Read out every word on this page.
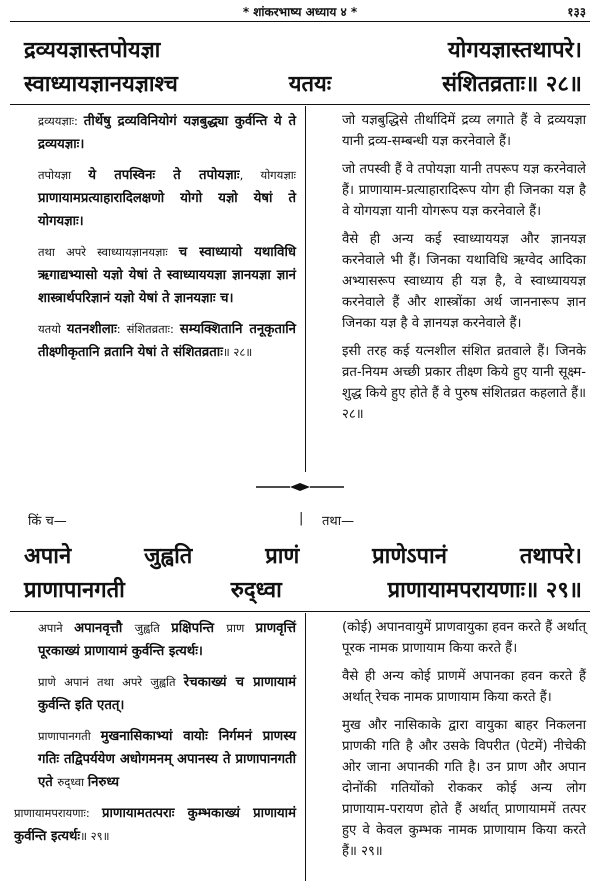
* शांकरभाष्य अध्याय ४ *	१३३
द्रव्ययज्ञास्तपोयज्ञा	योगयज्ञास्तथापरे।
स्वाध्यायज्ञानयज्ञाश्च	यतयः	संशितव्रताः॥ २८॥

द्रव्ययज्ञाः: तीर्थेषु द्रव्यविनियोगं यज्ञबुद्ध्या कुर्वन्ति ये ते द्रव्ययज्ञाः।

तपोयज्ञा ये तपस्विनः ते तपोयज्ञाः, योगयज्ञाः प्राणायामप्रत्याहारादिलक्षणो योगो यज्ञो येषां ते योगयज्ञाः।

तथा अपरे स्वाध्यायज्ञानयज्ञाः च स्वाध्यायो यथाविधि ऋगाद्यभ्यासो यज्ञो येषां ते स्वाध्याययज्ञा ज्ञानयज्ञा ज्ञानं शास्त्रार्थपरिज्ञानं यज्ञो येषां ते ज्ञानयज्ञाः च।

यतयो यतनशीलाः: संशितव्रताः: सम्यक्शितानि तनूकृतानि तीक्ष्णीकृतानि व्रतानि येषां ते संशितव्रताः॥ २८॥

जो यज्ञबुद्धिसे तीर्थादिमें द्रव्य लगाते हैं वे द्रव्ययज्ञा यानी द्रव्य-सम्बन्धी यज्ञ करनेवाले हैं।

जो तपस्वी हैं वे तपोयज्ञा यानी तपरूप यज्ञ करनेवाले हैं। प्राणायाम-प्रत्याहारादिरूप योग ही जिनका यज्ञ है वे योगयज्ञा यानी योगरूप यज्ञ करनेवाले हैं।

वैसे ही अन्य कई स्वाध्याययज्ञ और ज्ञानयज्ञ करनेवाले भी हैं। जिनका यथाविधि ऋग्वेद आदिका अभ्यासरूप स्वाध्याय ही यज्ञ है, वे स्वाध्याययज्ञ करनेवाले हैं और शास्त्रोंका अर्थ जाननारूप ज्ञान जिनका यज्ञ है वे ज्ञानयज्ञ करनेवाले हैं।

इसी तरह कई यत्नशील संशित व्रतवाले हैं। जिनके व्रत-नियम अच्छी प्रकार तीक्ष्ण किये हुए यानी सूक्ष्म-शुद्ध किये हुए होते हैं वे पुरुष संशितव्रत कहलाते हैं॥ २८॥

किं च—	| तथा—
अपाने	जुह्वति	प्राणं	प्राणेऽपानं	तथापरे।
प्राणापानगती	रुद्ध्वा	प्राणायामपरायणाः॥ २९॥

अपाने अपानवृत्तौ जुह्वति प्रक्षिपन्ति प्राण प्राणवृत्तिं पूरकाख्यं प्राणायामं कुर्वन्ति इत्यर्थः।

प्राणे अपानं तथा अपरे जुह्वति रेचकाख्यं च प्राणायामं कुर्वन्ति इति एतत्।

प्राणापानगती मुखनासिकाभ्यां वायोः निर्गमनं प्राणस्य गतिः तद्विपर्ययेण अधोगमनम् अपानस्य ते प्राणापानगती एते रुद्ध्वा निरुध्य

प्राणायामपरायणाः: प्राणायामतत्पराः कुम्भकाख्यं प्राणायामं कुर्वन्ति इत्यर्थः॥ २९॥

(कोई) अपानवायुमें प्राणवायुका हवन करते हैं अर्थात् पूरक नामक प्राणायाम किया करते हैं।

वैसे ही अन्य कोई प्राणमें अपानका हवन करते हैं अर्थात् रेचक नामक प्राणायाम किया करते हैं।

मुख और नासिकाके द्वारा वायुका बाहर निकलना प्राणकी गति है और उसके विपरीत (पेटमें) नीचेकी ओर जाना अपानकी गति है। उन प्राण और अपान दोनोंकी गतियोंको रोककर कोई अन्य लोग प्राणायाम-परायण होते हैं अर्थात् प्राणायाममें तत्पर हुए वे केवल कुम्भक नामक प्राणायाम किया करते हैं॥ २९॥
